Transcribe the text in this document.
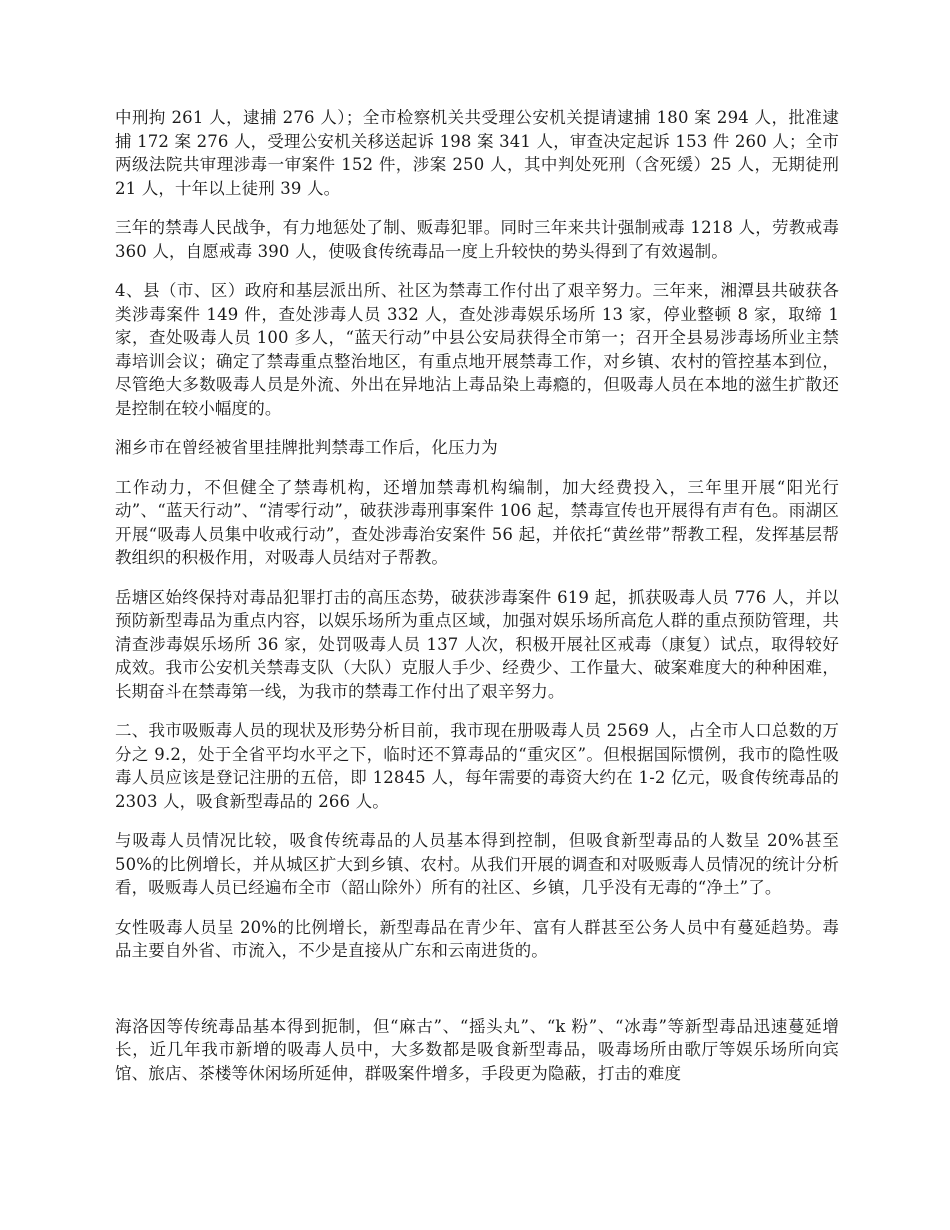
中刑拘 261 人，逮捕 276 人）；全市检察机关共受理公安机关提请逮捕 180 案 294 人，批准逮捕 172 案 276 人，受理公安机关移送起诉 198 案 341 人，审查决定起诉 153 件 260 人；全市两级法院共审理涉毒一审案件 152 件，涉案 250 人，其中判处死刑（含死缓）25 人，无期徒刑 21 人，十年以上徒刑 39 人。

三年的禁毒人民战争，有力地惩处了制、贩毒犯罪。同时三年来共计强制戒毒 1218 人，劳教戒毒 360 人，自愿戒毒 390 人，使吸食传统毒品一度上升较快的势头得到了有效遏制。

4、县（市、区）政府和基层派出所、社区为禁毒工作付出了艰辛努力。三年来，湘潭县共破获各类涉毒案件 149 件，查处涉毒人员 332 人，查处涉毒娱乐场所 13 家，停业整顿 8 家，取缔 1 家，查处吸毒人员 100 多人，“蓝天行动”中县公安局获得全市第一；召开全县易涉毒场所业主禁毒培训会议；确定了禁毒重点整治地区，有重点地开展禁毒工作，对乡镇、农村的管控基本到位，尽管绝大多数吸毒人员是外流、外出在异地沾上毒品染上毒瘾的，但吸毒人员在本地的滋生扩散还是控制在较小幅度的。

湘乡市在曾经被省里挂牌批判禁毒工作后，化压力为

工作动力，不但健全了禁毒机构，还增加禁毒机构编制，加大经费投入，三年里开展“阳光行动”、“蓝天行动”、“清零行动”，破获涉毒刑事案件 106 起，禁毒宣传也开展得有声有色。雨湖区开展“吸毒人员集中收戒行动”，查处涉毒治安案件 56 起，并依托“黄丝带”帮教工程，发挥基层帮教组织的积极作用，对吸毒人员结对子帮教。

岳塘区始终保持对毒品犯罪打击的高压态势，破获涉毒案件 619 起，抓获吸毒人员 776 人，并以预防新型毒品为重点内容，以娱乐场所为重点区域，加强对娱乐场所高危人群的重点预防管理，共清查涉毒娱乐场所 36 家，处罚吸毒人员 137 人次，积极开展社区戒毒（康复）试点，取得较好成效。我市公安机关禁毒支队（大队）克服人手少、经费少、工作量大、破案难度大的种种困难，长期奋斗在禁毒第一线，为我市的禁毒工作付出了艰辛努力。

二、我市吸贩毒人员的现状及形势分析目前，我市现在册吸毒人员 2569 人，占全市人口总数的万分之 9.2，处于全省平均水平之下，临时还不算毒品的“重灾区”。但根据国际惯例，我市的隐性吸毒人员应该是登记注册的五倍，即 12845 人，每年需要的毒资大约在 1-2 亿元，吸食传统毒品的 2303 人，吸食新型毒品的 266 人。

与吸毒人员情况比较，吸食传统毒品的人员基本得到控制，但吸食新型毒品的人数呈 20%甚至 50%的比例增长，并从城区扩大到乡镇、农村。从我们开展的调查和对吸贩毒人员情况的统计分析看，吸贩毒人员已经遍布全市（韶山除外）所有的社区、乡镇，几乎没有无毒的“净土”了。

女性吸毒人员呈 20%的比例增长，新型毒品在青少年、富有人群甚至公务人员中有蔓延趋势。毒品主要自外省、市流入，不少是直接从广东和云南进货的。

海洛因等传统毒品基本得到扼制，但“麻古”、“摇头丸”、“k 粉”、“冰毒”等新型毒品迅速蔓延增长，近几年我市新增的吸毒人员中，大多数都是吸食新型毒品，吸毒场所由歌厅等娱乐场所向宾馆、旅店、茶楼等休闲场所延伸，群吸案件增多，手段更为隐蔽，打击的难度
